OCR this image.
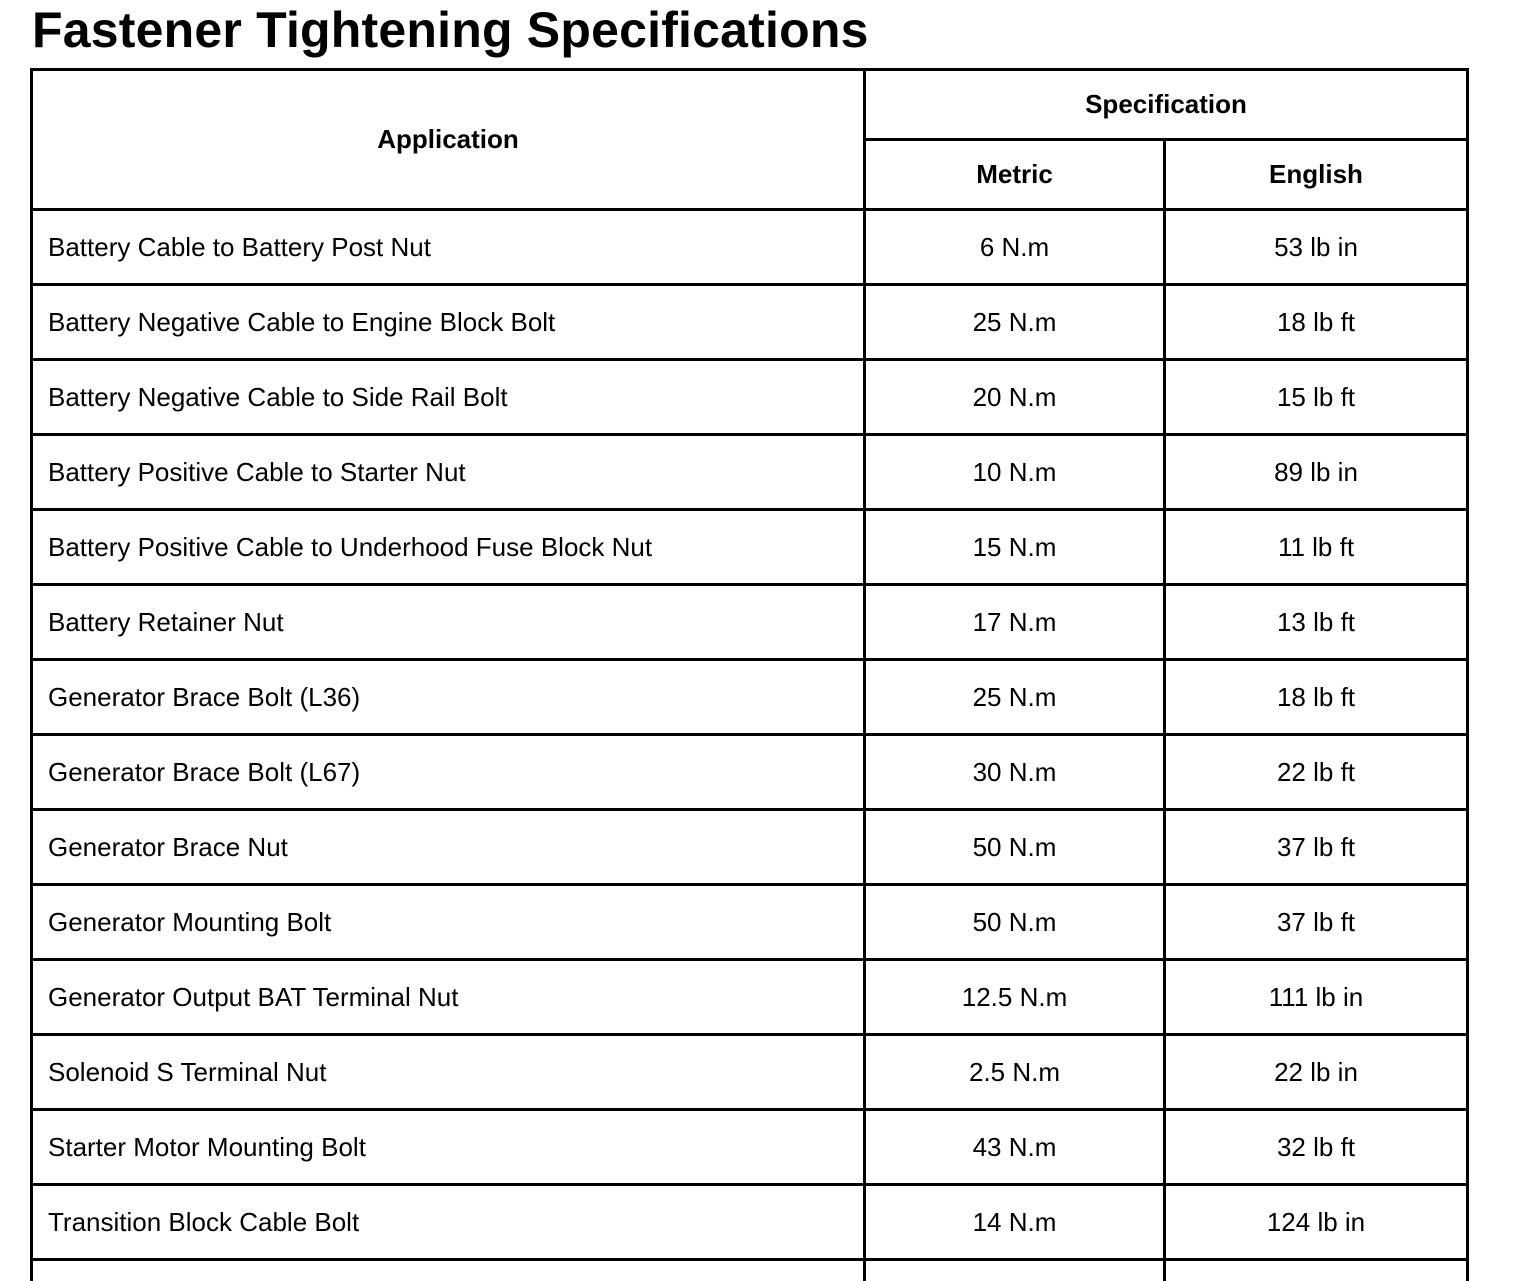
Fastener Tightening Specifications
Application	Specification	
	Metric	English
Battery Cable to Battery Post Nut	6 N.m	53 lb in
Battery Negative Cable to Engine Block Bolt	25 N.m	18 lb ft
Battery Negative Cable to Side Rail Bolt	20 N.m	15 lb ft
Battery Positive Cable to Starter Nut	10 N.m	89 lb in
Battery Positive Cable to Underhood Fuse Block Nut	15 N.m	11 lb ft
Battery Retainer Nut	17 N.m	13 lb ft
Generator Brace Bolt (L36)	25 N.m	18 lb ft
Generator Brace Bolt (L67)	30 N.m	22 lb ft
Generator Brace Nut	50 N.m	37 lb ft
Generator Mounting Bolt	50 N.m	37 lb ft
Generator Output BAT Terminal Nut	12.5 N.m	111 lb in
Solenoid S Terminal Nut	2.5 N.m	22 lb in
Starter Motor Mounting Bolt	43 N.m	32 lb ft
Transition Block Cable Bolt	14 N.m	124 lb in
